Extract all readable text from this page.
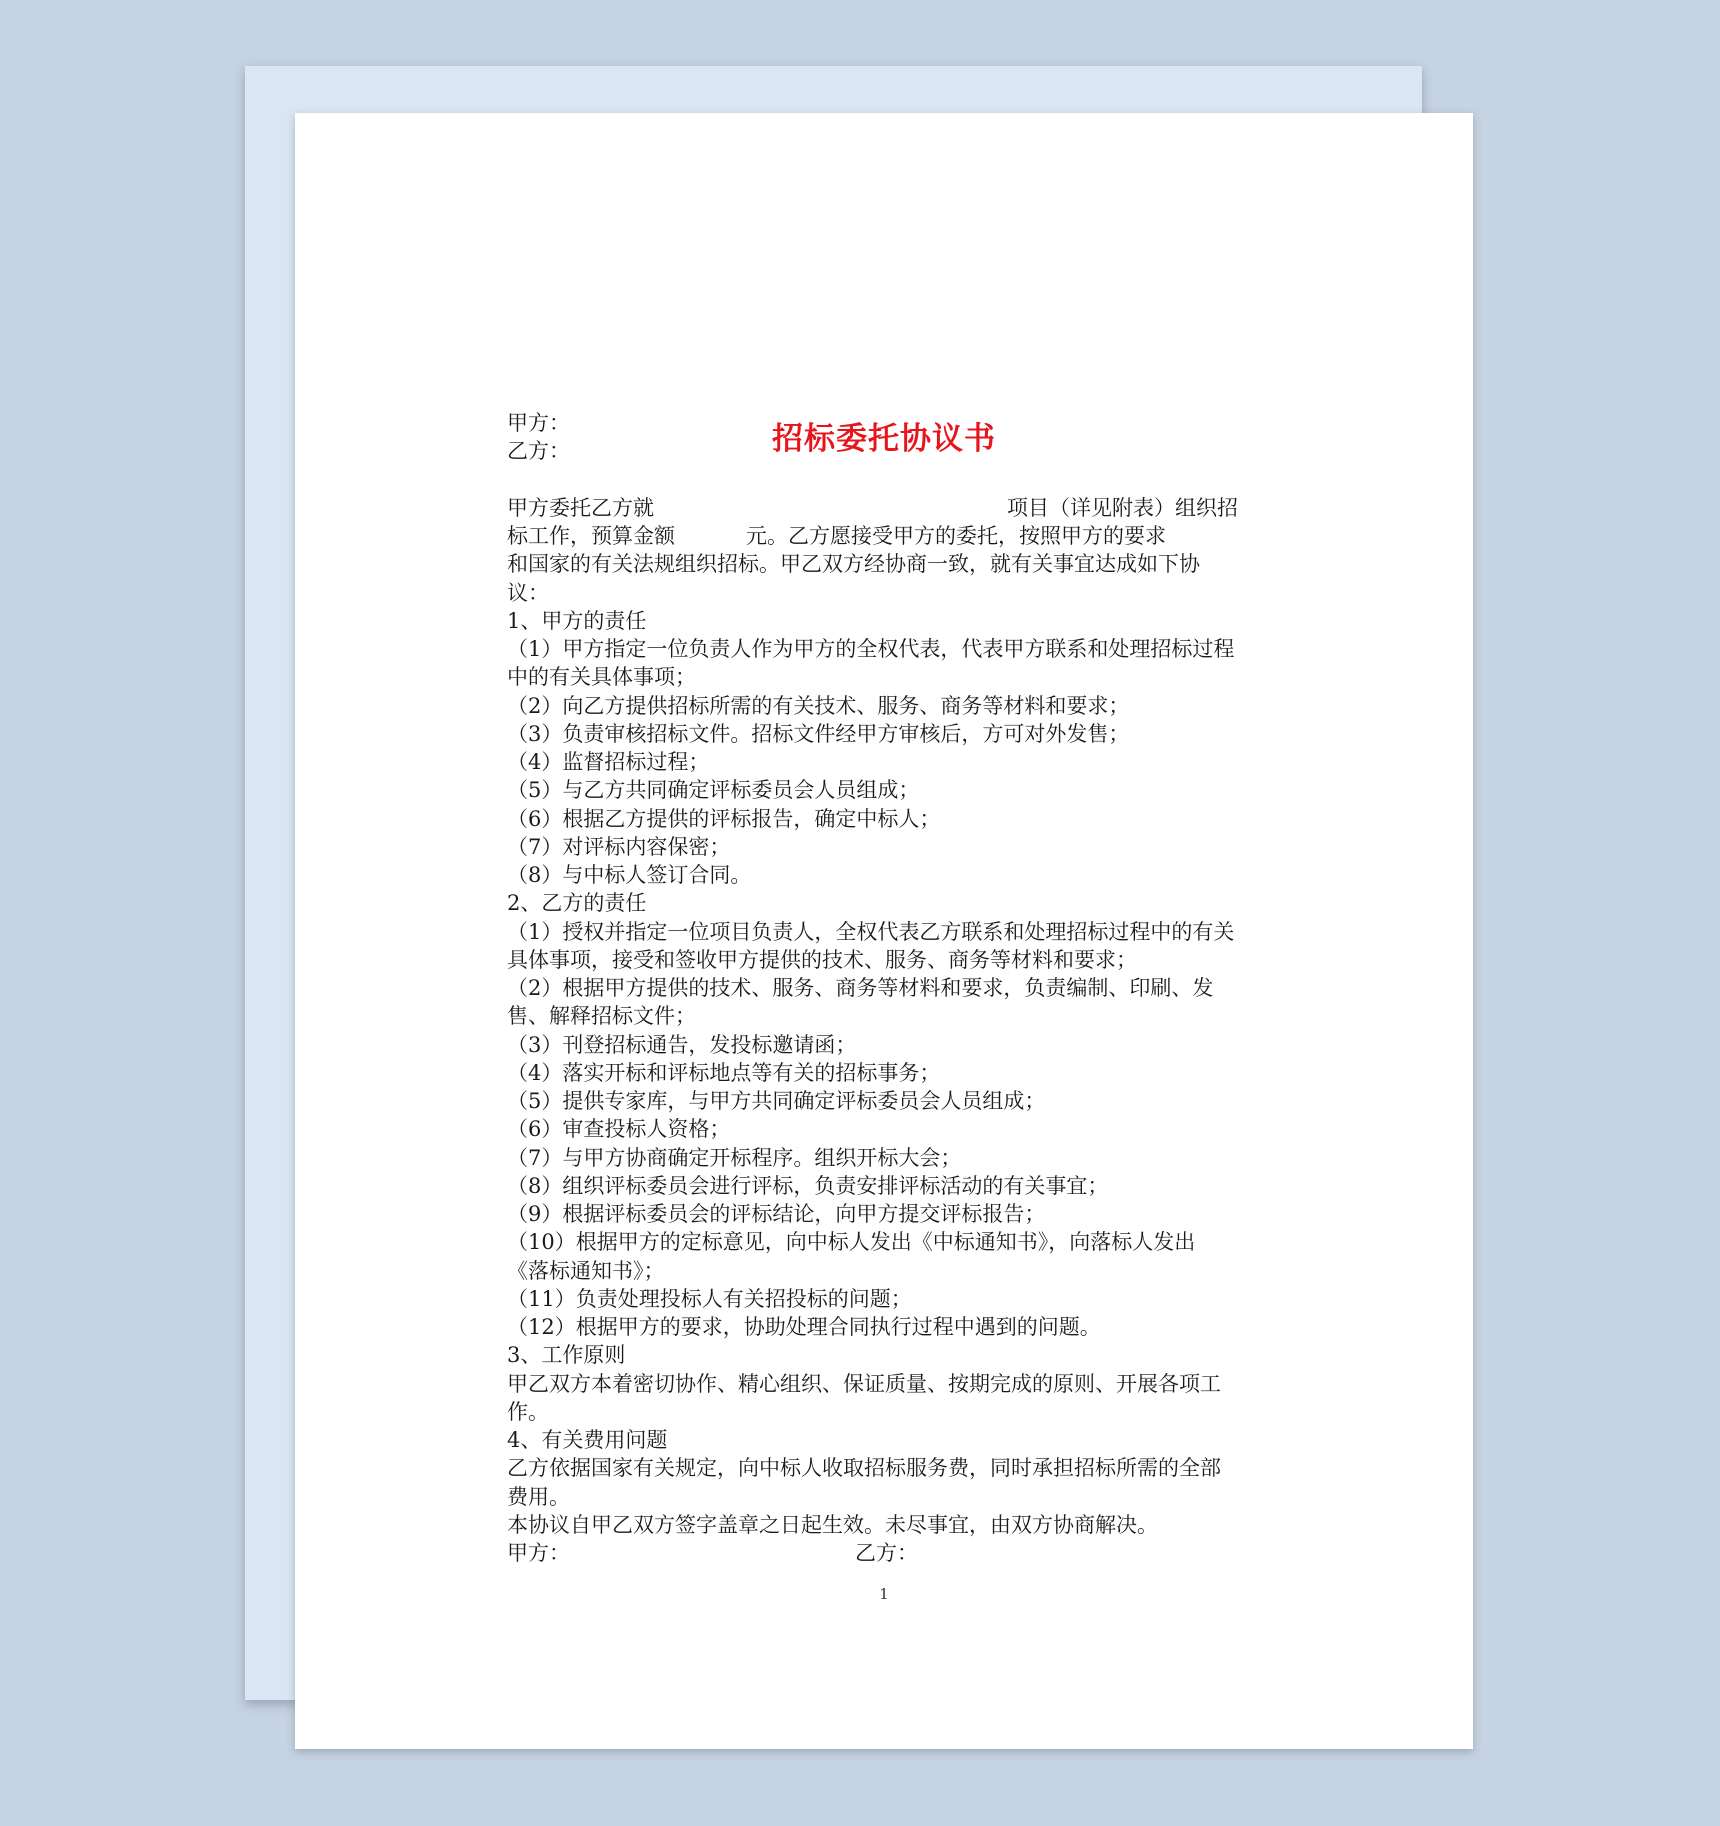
招标委托协议书
甲方：
乙方：
甲方委托乙方就	项目（详见附表）组织招
标工作，预算金额	元。乙方愿接受甲方的委托，按照甲方的要求
和国家的有关法规组织招标。甲乙双方经协商一致，就有关事宜达成如下协
议：
1、甲方的责任
（1）甲方指定一位负责人作为甲方的全权代表，代表甲方联系和处理招标过程
中的有关具体事项；
（2）向乙方提供招标所需的有关技术、服务、商务等材料和要求；
（3）负责审核招标文件。招标文件经甲方审核后，方可对外发售；
（4）监督招标过程；
（5）与乙方共同确定评标委员会人员组成；
（6）根据乙方提供的评标报告，确定中标人；
（7）对评标内容保密；
（8）与中标人签订合同。
2、乙方的责任
（1）授权并指定一位项目负责人，全权代表乙方联系和处理招标过程中的有关
具体事项，接受和签收甲方提供的技术、服务、商务等材料和要求；
（2）根据甲方提供的技术、服务、商务等材料和要求，负责编制、印刷、发
售、解释招标文件；
（3）刊登招标通告，发投标邀请函；
（4）落实开标和评标地点等有关的招标事务；
（5）提供专家库，与甲方共同确定评标委员会人员组成；
（6）审查投标人资格；
（7）与甲方协商确定开标程序。组织开标大会；
（8）组织评标委员会进行评标，负责安排评标活动的有关事宜；
（9）根据评标委员会的评标结论，向甲方提交评标报告；
（10）根据甲方的定标意见，向中标人发出《中标通知书》，向落标人发出
《落标通知书》；
（11）负责处理投标人有关招投标的问题；
（12）根据甲方的要求，协助处理合同执行过程中遇到的问题。
3、工作原则
甲乙双方本着密切协作、精心组织、保证质量、按期完成的原则、开展各项工
作。
4、有关费用问题
乙方依据国家有关规定，向中标人收取招标服务费，同时承担招标所需的全部
费用。
本协议自甲乙双方签字盖章之日起生效。未尽事宜，由双方协商解决。
甲方：	乙方：
1
